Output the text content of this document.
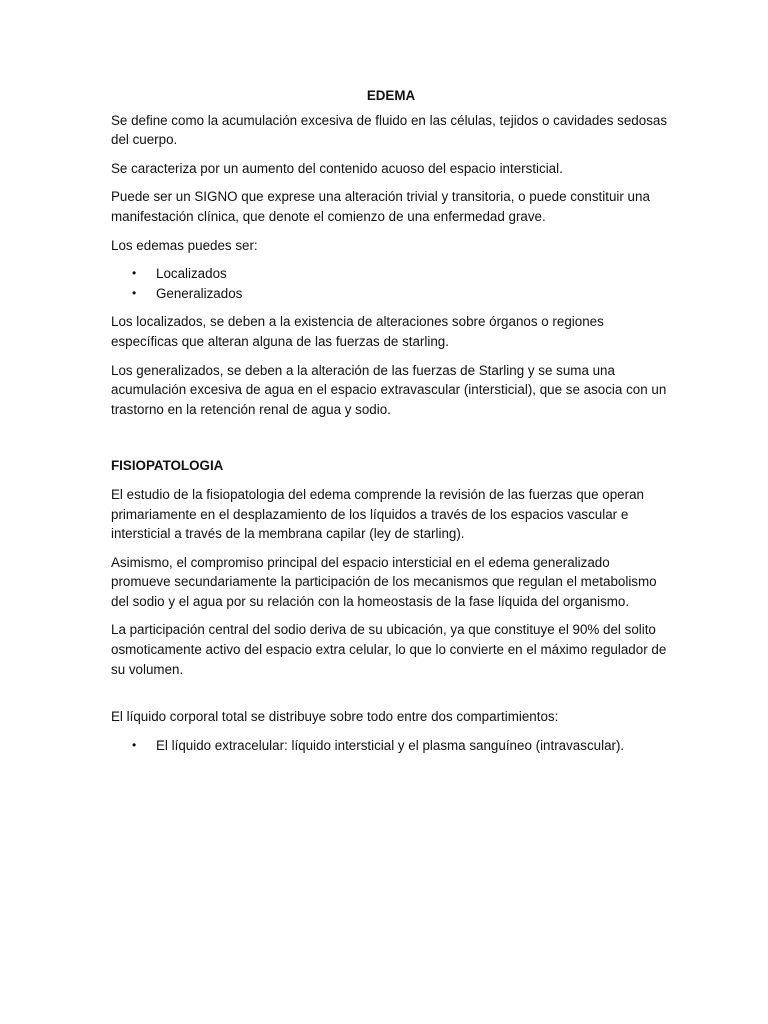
EDEMA

Se define como la acumulación excesiva de fluido en las células, tejidos o cavidades sedosas del cuerpo.

Se caracteriza por un aumento del contenido acuoso del espacio intersticial.

Puede ser un SIGNO que exprese una alteración trivial y transitoria, o puede constituir una manifestación clínica, que denote el comienzo de una enfermedad grave.

Los edemas puedes ser:

• Localizados
• Generalizados

Los localizados, se deben a la existencia de alteraciones sobre órganos o regiones específicas que alteran alguna de las fuerzas de starling.

Los generalizados, se deben a la alteración de las fuerzas de Starling y se suma una acumulación excesiva de agua en el espacio extravascular (intersticial), que se asocia con un trastorno en la retención renal de agua y sodio.

FISIOPATOLOGIA

El estudio de la fisiopatologia del edema comprende la revisión de las fuerzas que operan primariamente en el desplazamiento de los líquidos a través de los espacios vascular e intersticial a través de la membrana capilar (ley de starling).

Asimismo, el compromiso principal del espacio intersticial en el edema generalizado promueve secundariamente la participación de los mecanismos que regulan el metabolismo del sodio y el agua por su relación con la homeostasis de la fase líquida del organismo.

La participación central del sodio deriva de su ubicación, ya que constituye el 90% del solito osmoticamente activo del espacio extra celular, lo que lo convierte en el máximo regulador de su volumen.

El líquido corporal total se distribuye sobre todo entre dos compartimientos:

• El líquido extracelular: líquido intersticial y el plasma sanguíneo (intravascular).
